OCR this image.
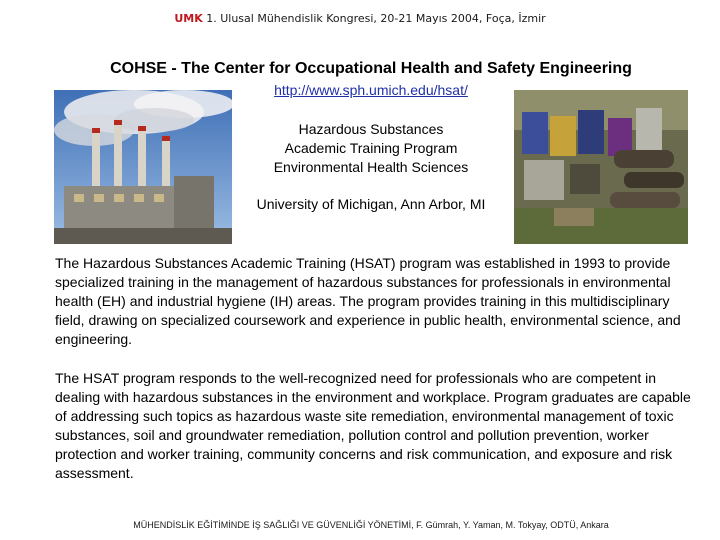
UMK 1. Ulusal Mühendislik Kongresi, 20-21 Mayıs 2004, Foça, İzmir
COHSE - The Center for Occupational Health and Safety Engineering
http://www.sph.umich.edu/hsat/
Hazardous Substances
Academic Training Program
Environmental Health Sciences
University of Michigan, Ann Arbor, MI
The Hazardous Substances Academic Training (HSAT) program was established in 1993 to provide specialized training in the management of hazardous substances for professionals in environmental health (EH) and industrial hygiene (IH) areas. The program provides training in this multidisciplinary field, drawing on specialized coursework and experience in public health, environmental science, and engineering.
The HSAT program responds to the well-recognized need for professionals who are competent in dealing with hazardous substances in the environment and workplace. Program graduates are capable of addressing such topics as hazardous waste site remediation, environmental management of toxic substances, soil and groundwater remediation, pollution control and pollution prevention, worker protection and worker training, community concerns and risk communication, and exposure and risk assessment.
MÜHENDİSLİK EĞİTİMİNDE İŞ SAĞLIĞI VE GÜVENLİĞİ YÖNETİMİ, F. Gümrah, Y. Yaman, M. Tokyay, ODTÜ, Ankara
